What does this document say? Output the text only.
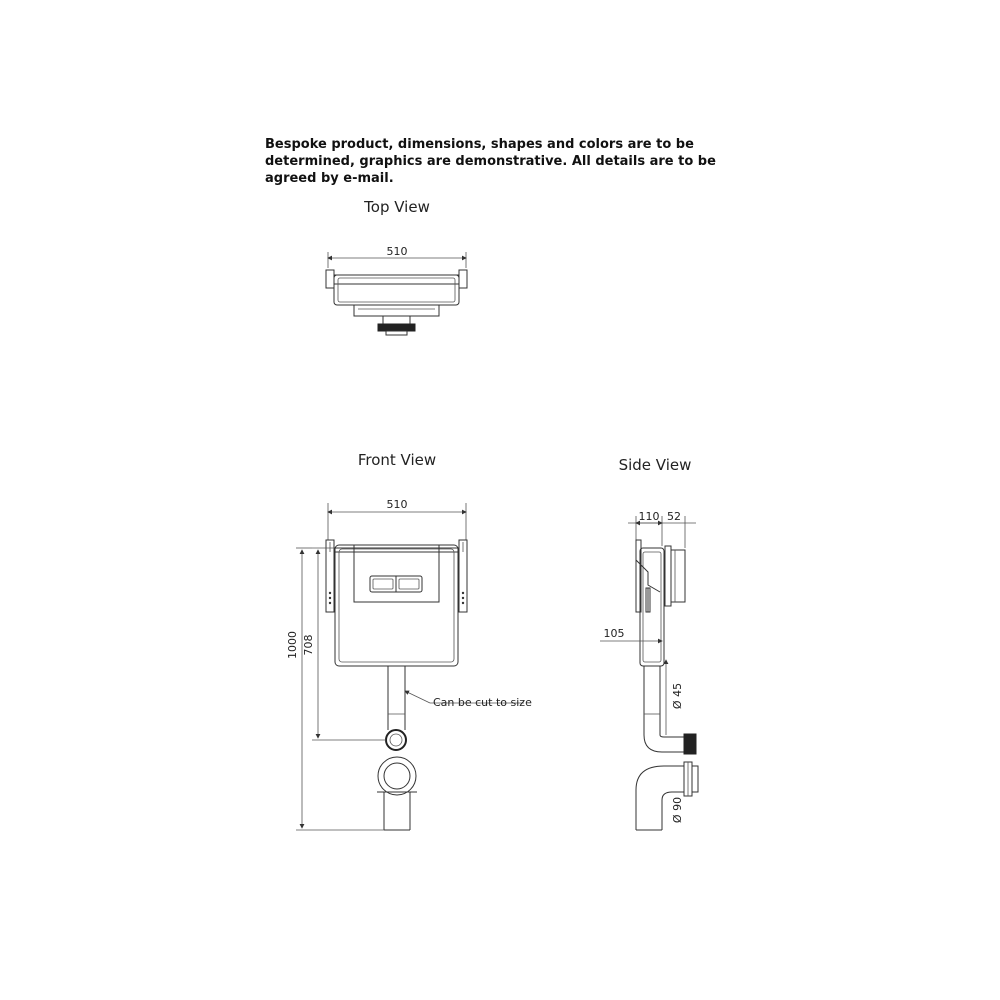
Bespoke product, dimensions, shapes and colors are to be
determined, graphics are demonstrative. All details are to be
agreed by e-mail.
Top View
510
Front View
510
Can be cut to size
708
1000
Side View
110 52
105
Ø 45
Ø 90
